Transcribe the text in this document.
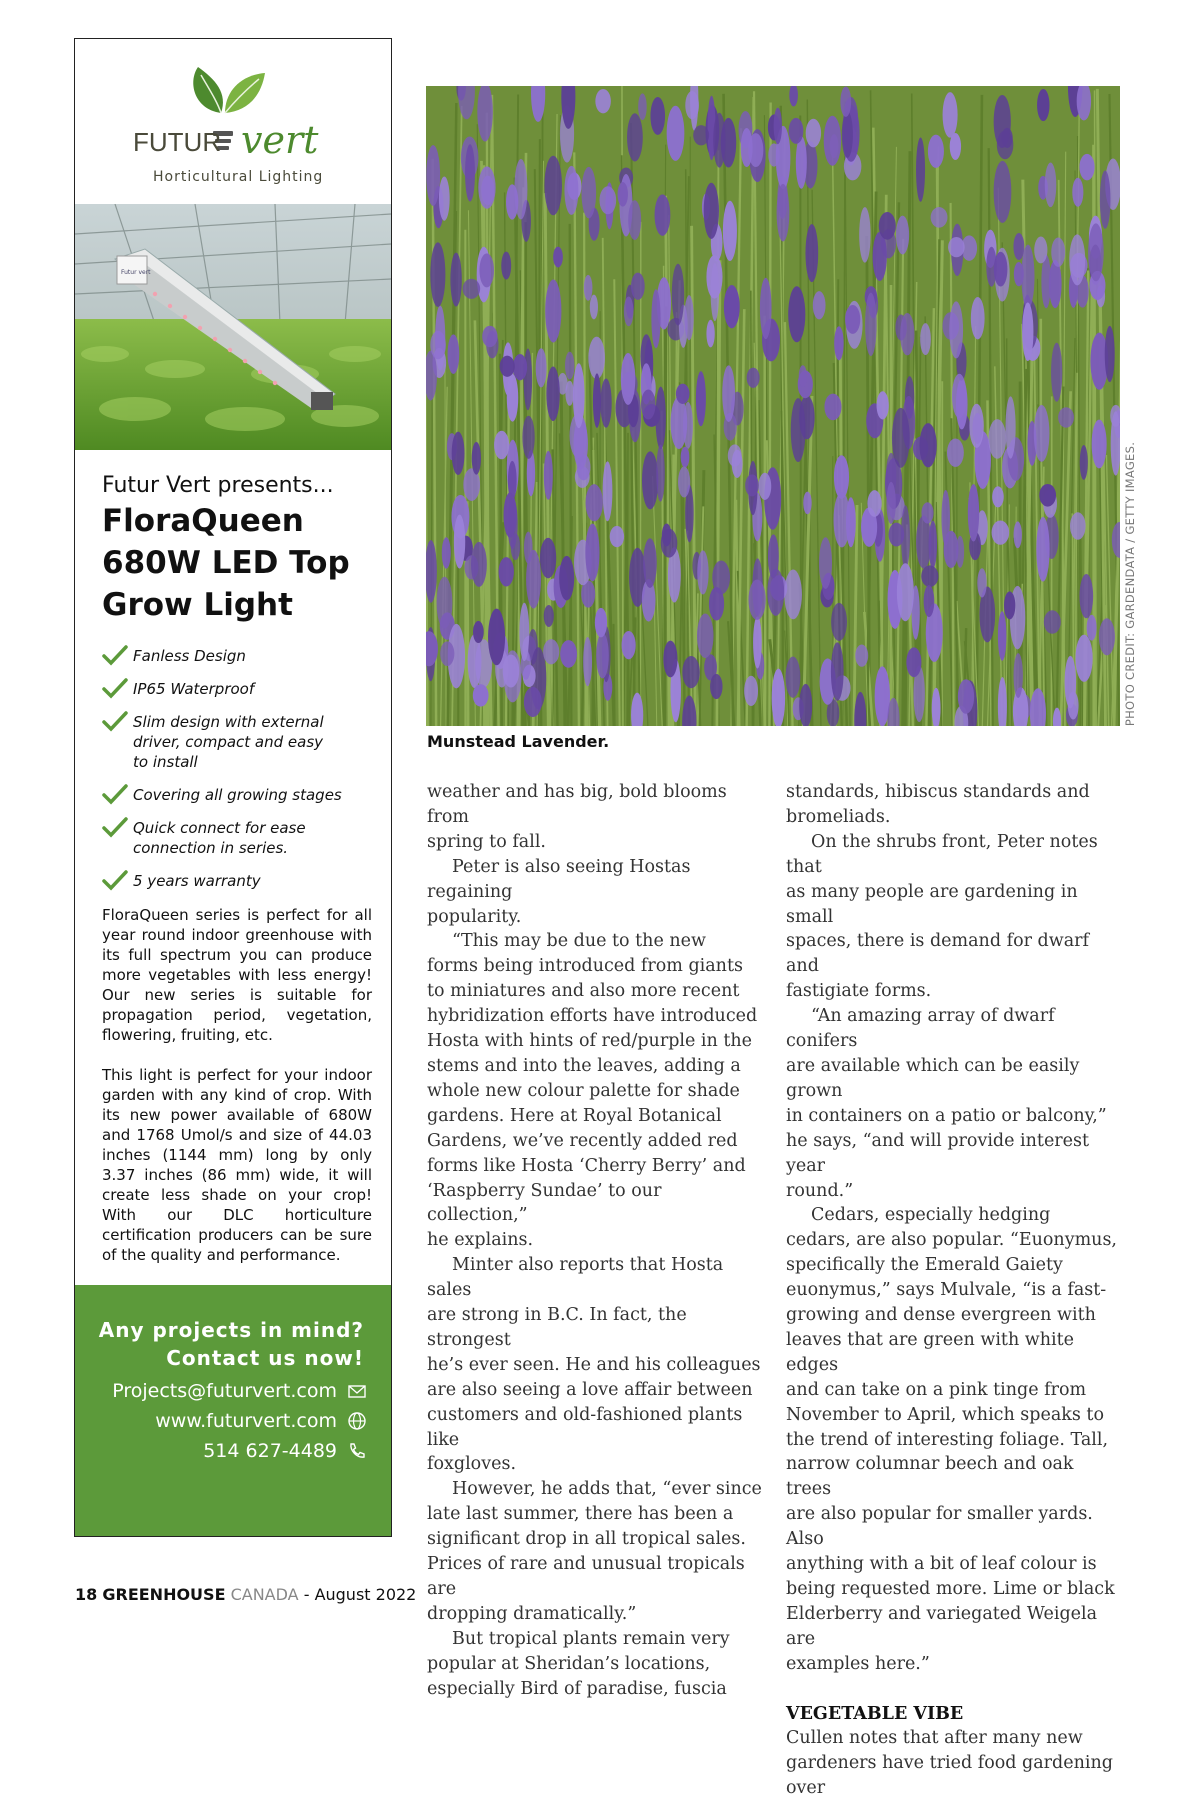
FUTUR vert
Horticultural Lighting
Futur vert
Futur Vert presents...
FloraQueen
680W LED Top
Grow Light
Fanless Design
IP65 Waterproof
Slim design with external
driver, compact and easy
to install
Covering all growing stages
Quick connect for ease
connection in series.
5 years warranty
FloraQueen series is perfect for all year round indoor greenhouse with its full spectrum you can produce more vegetables with less energy! Our new series is suitable for propagation period, vegetation, flowering, fruiting, etc.
This light is perfect for your indoor garden with any kind of crop. With its new power available of 680W and 1768 Umol/s and size of 44.03 inches (1144 mm) long by only 3.37 inches (86 mm) wide, it will create less shade on your crop! With our DLC horticulture certification producers can be sure of the quality and performance.
Any projects in mind?
Contact us now!
Projects@futurvert.com
www.futurvert.com
514 627-4489
PHOTO CREDIT: GARDENDATA / GETTY IMAGES.
Munstead Lavender.

weather and has big, bold blooms from

spring to fall.

Peter is also seeing Hostas regaining

popularity.

“This may be due to the new

forms being introduced from giants

to miniatures and also more recent

hybridization efforts have introduced

Hosta with hints of red/purple in the

stems and into the leaves, adding a

whole new colour palette for shade

gardens. Here at Royal Botanical

Gardens, we’ve recently added red

forms like Hosta ‘Cherry Berry’ and

‘Raspberry Sundae’ to our collection,”

he explains.

Minter also reports that Hosta sales

are strong in B.C. In fact, the strongest

he’s ever seen. He and his colleagues

are also seeing a love affair between

customers and old-fashioned plants like

foxgloves.

However, he adds that, “ever since

late last summer, there has been a

significant drop in all tropical sales.

Prices of rare and unusual tropicals are

dropping dramatically.”

But tropical plants remain very

popular at Sheridan’s locations,

especially Bird of paradise, fuscia

standards, hibiscus standards and

bromeliads.

On the shrubs front, Peter notes that

as many people are gardening in small

spaces, there is demand for dwarf and

fastigiate forms.

“An amazing array of dwarf conifers

are available which can be easily grown

in containers on a patio or balcony,”

he says, “and will provide interest year

round.”

Cedars, especially hedging

cedars, are also popular. “Euonymus,

specifically the Emerald Gaiety

euonymus,” says Mulvale, “is a fast-

growing and dense evergreen with

leaves that are green with white edges

and can take on a pink tinge from

November to April, which speaks to

the trend of interesting foliage. Tall,

narrow columnar beech and oak trees

are also popular for smaller yards. Also

anything with a bit of leaf colour is

being requested more. Lime or black

Elderberry and variegated Weigela are

examples here.”

VEGETABLE VIBE

Cullen notes that after many new

gardeners have tried food gardening over

18 GREENHOUSE CANADA - August 2022
